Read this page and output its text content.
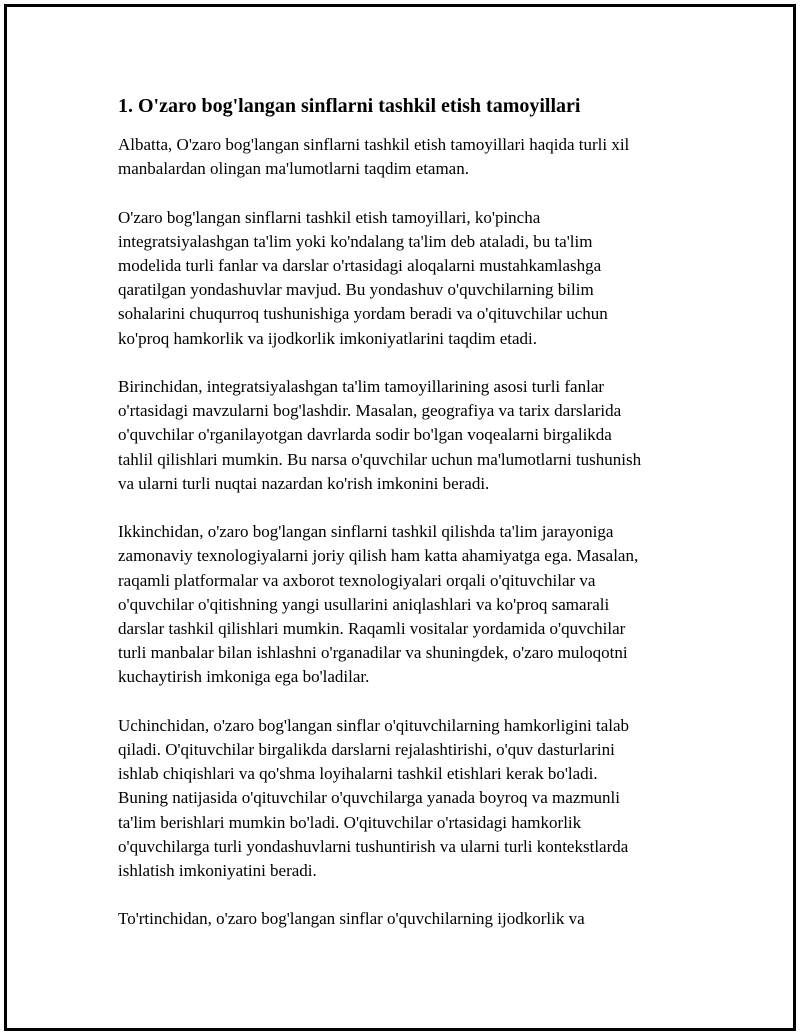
1. O'zaro bog'langan sinflarni tashkil etish tamoyillari
Albatta, O'zaro bog'langan sinflarni tashkil etish tamoyillari haqida turli xil
manbalardan olingan ma'lumotlarni taqdim etaman.
O'zaro bog'langan sinflarni tashkil etish tamoyillari, ko'pincha
integratsiyalashgan ta'lim yoki ko'ndalang ta'lim deb ataladi, bu ta'lim
modelida turli fanlar va darslar o'rtasidagi aloqalarni mustahkamlashga
qaratilgan yondashuvlar mavjud. Bu yondashuv o'quvchilarning bilim
sohalarini chuqurroq tushunishiga yordam beradi va o'qituvchilar uchun
ko'proq hamkorlik va ijodkorlik imkoniyatlarini taqdim etadi.
Birinchidan, integratsiyalashgan ta'lim tamoyillarining asosi turli fanlar
o'rtasidagi mavzularni bog'lashdir. Masalan, geografiya va tarix darslarida
o'quvchilar o'rganilayotgan davrlarda sodir bo'lgan voqealarni birgalikda
tahlil qilishlari mumkin. Bu narsa o'quvchilar uchun ma'lumotlarni tushunish
va ularni turli nuqtai nazardan ko'rish imkonini beradi.
Ikkinchidan, o'zaro bog'langan sinflarni tashkil qilishda ta'lim jarayoniga
zamonaviy texnologiyalarni joriy qilish ham katta ahamiyatga ega. Masalan,
raqamli platformalar va axborot texnologiyalari orqali o'qituvchilar va
o'quvchilar o'qitishning yangi usullarini aniqlashlari va ko'proq samarali
darslar tashkil qilishlari mumkin. Raqamli vositalar yordamida o'quvchilar
turli manbalar bilan ishlashni o'rganadilar va shuningdek, o'zaro muloqotni
kuchaytirish imkoniga ega bo'ladilar.
Uchinchidan, o'zaro bog'langan sinflar o'qituvchilarning hamkorligini talab
qiladi. O'qituvchilar birgalikda darslarni rejalashtirishi, o'quv dasturlarini
ishlab chiqishlari va qo'shma loyihalarni tashkil etishlari kerak bo'ladi.
Buning natijasida o'qituvchilar o'quvchilarga yanada boyroq va mazmunli
ta'lim berishlari mumkin bo'ladi. O'qituvchilar o'rtasidagi hamkorlik
o'quvchilarga turli yondashuvlarni tushuntirish va ularni turli kontekstlarda
ishlatish imkoniyatini beradi.
To'rtinchidan, o'zaro bog'langan sinflar o'quvchilarning ijodkorlik va
